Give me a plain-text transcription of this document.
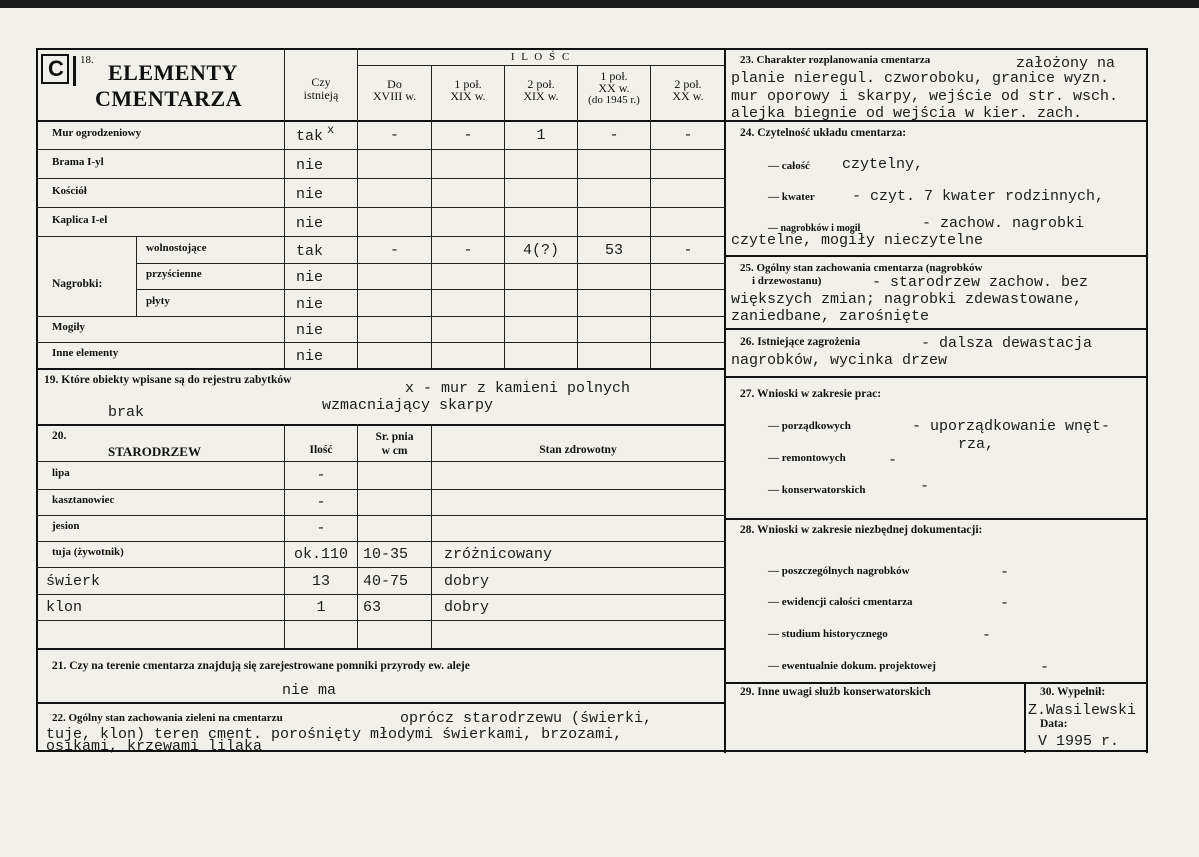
C 18. ELEMENTY
CMENTARZA
Czy
istnieją
I L O Ś C
Do
XVIII w.
1 poł.
XIX w.
2 poł.
XIX w.
1 poł.
XX w.
(do 1945 r.)
2 poł.
XX w.
Mur ogrodzeniowy	tak x	-	-	1	-	-
Brama I-yl	nie
Kościół	nie
Kaplica I-el	nie
wolnostojące	tak	-	-	4(?)	53	-
przyścienne	nie
płyty	nie
Mogiły	nie
Inne elementy	nie
Nagrobki:
19. Które obiekty wpisane są do rejestru zabytków	x - mur z kamieni polnych
wzmacniający skarpy
brak
20.
STARODRZEW	Ilość
Sr. pnia
w cm	Stan zdrowotny
lipa	-
kasztanowiec	-
jesion	-
tuja (żywotnik)	ok.110	10-35 zróżnicowany
świerk	13	40-75 dobry
klon	1	63	dobry
21. Czy na terenie cmentarza znajdują się zarejestrowane pomniki przyrody ew. aleje
nie ma
22. Ogólny stan zachowania zieleni na cmentarzu	oprócz starodrzewu (świerki,
tuje, klon) teren cment. porośnięty młodymi świerkami, brzozami,
osikami, krzewami lilaka
23. Charakter rozplanowania cmentarza	założony na
planie nieregul. czworoboku, granice wyzn.
mur oporowy i skarpy, wejście od str. wsch.
alejka biegnie od wejścia w kier. zach.
24. Czytelność układu cmentarza:
— całość czytelny,
— kwater - czyt. 7 kwater rodzinnych,
— nagrobków i mogił	- zachow. nagrobki
czytelne, mogiły nieczytelne
25. Ogólny stan zachowania cmentarza (nagrobków
i drzewostanu)	- starodrzew zachow. bez
większych zmian; nagrobki zdewastowane,
zaniedbane, zarośnięte
26. Istniejące zagrożenia	- dalsza dewastacja
nagrobków, wycinka drzew
27. Wnioski w zakresie prac:
— porządkowych	- uporządkowanie wnęt-
rza,
— remontowych	-
— konserwatorskich	-
28. Wnioski w zakresie niezbędnej dokumentacji:
— poszczególnych nagrobków	-
— ewidencji całości cmentarza	-
— studium historycznego	-
— ewentualnie dokum. projektowej	-
29. Inne uwagi służb konserwatorskich	30. Wypełnił:
Z.Wasilewski
Data:
V 1995 r.
